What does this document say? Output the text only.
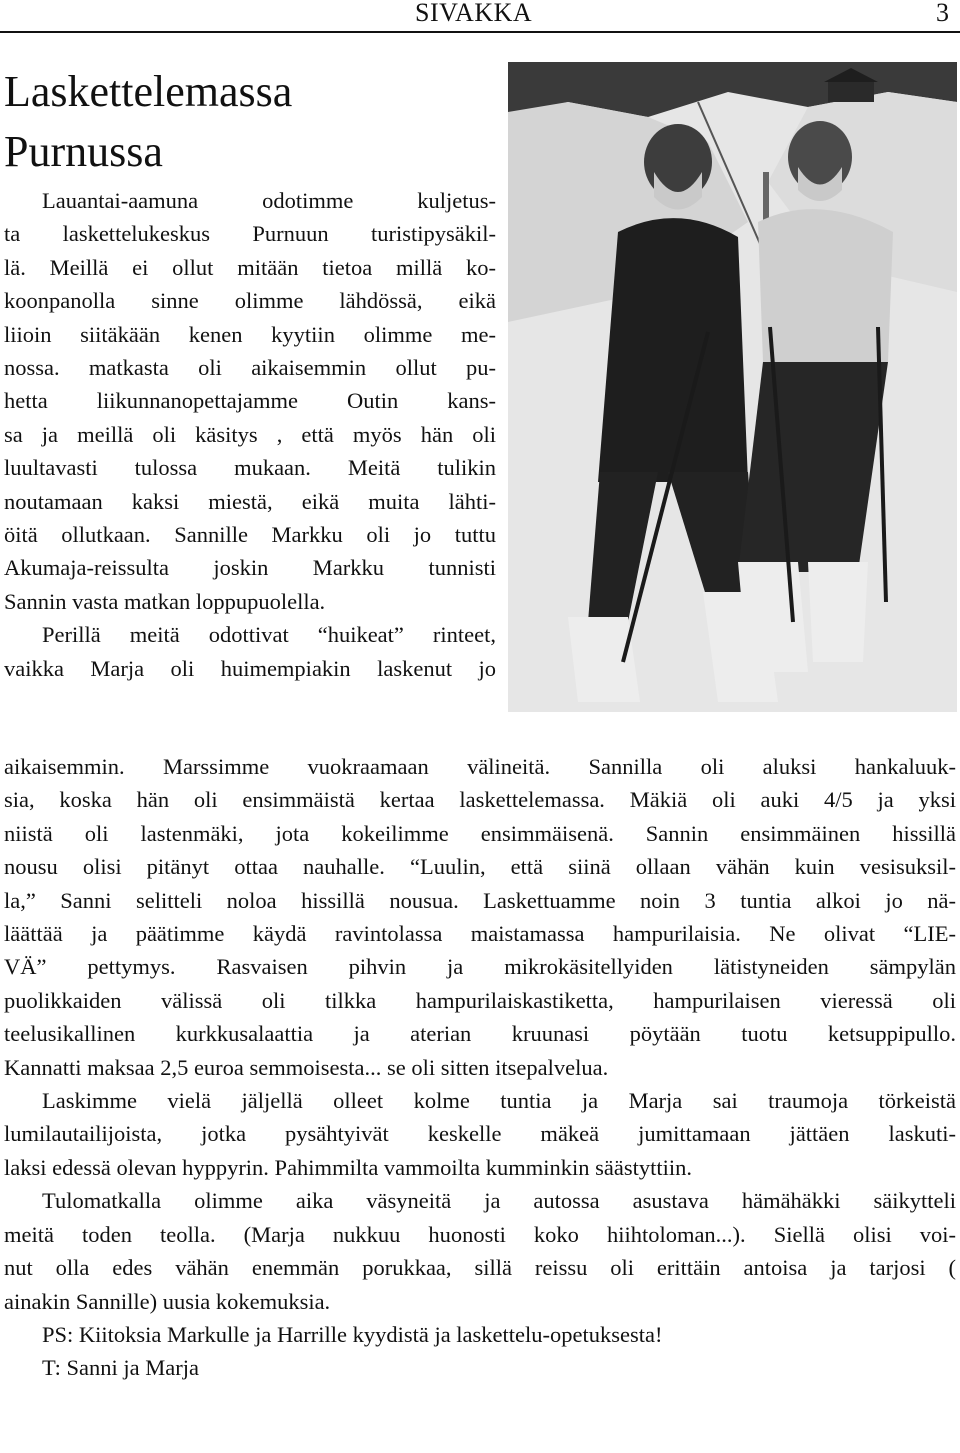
SIVAKKA	3
Laskettelemassa
Purnussa
Lauantai-aamuna odotimme kuljetus-
ta laskettelukeskus Purnuun turistipysäkil-
lä. Meillä ei ollut mitään tietoa millä ko-
koonpanolla sinne olimme lähdössä, eikä
liioin siitäkään kenen kyytiin olimme me-
nossa. matkasta oli aikaisemmin ollut pu-
hetta liikunnanopettajamme Outin kans-
sa ja meillä oli käsitys , että myös hän oli
luultavasti tulossa mukaan. Meitä tulikin
noutamaan kaksi miestä, eikä muita lähti-
öitä ollutkaan. Sannille Markku oli jo tuttu
Akumaja-reissulta joskin Markku tunnisti
Sannin vasta matkan loppupuolella.
Perillä meitä odottivat “huikeat” rinteet,
vaikka Marja oli huimempiakin laskenut jo
aikaisemmin. Marssimme vuokraamaan välineitä. Sannilla oli aluksi hankaluuk-
sia, koska hän oli ensimmäistä kertaa laskettelemassa. Mäkiä oli auki 4/5 ja yksi
niistä oli lastenmäki, jota kokeilimme ensimmäisenä. Sannin ensimmäinen hissillä
nousu olisi pitänyt ottaa nauhalle. “Luulin, että siinä ollaan vähän kuin vesisuksil-
la,” Sanni selitteli noloa hissillä nousua. Laskettuamme noin 3 tuntia alkoi jo nä-
läättää ja päätimme käydä ravintolassa maistamassa hampurilaisia. Ne olivat “LIE-
VÄ” pettymys. Rasvaisen pihvin ja mikrokäsitellyiden lätistyneiden sämpylän
puolikkaiden välissä oli tilkka hampurilaiskastiketta, hampurilaisen vieressä oli
teelusikallinen kurkkusalaattia ja aterian kruunasi pöytään tuotu ketsuppipullo.
Kannatti maksaa 2,5 euroa semmoisesta... se oli sitten itsepalvelua.
Laskimme vielä jäljellä olleet kolme tuntia ja Marja sai traumoja törkeistä
lumilautailijoista, jotka pysähtyivät keskelle mäkeä jumittamaan jättäen laskuti-
laksi edessä olevan hyppyrin. Pahimmilta vammoilta kumminkin säästyttiin.
Tulomatkalla olimme aika väsyneitä ja autossa asustava hämähäkki säikytteli
meitä toden teolla. (Marja nukkuu huonosti koko hiihtoloman...). Siellä olisi voi-
nut olla edes vähän enemmän porukkaa, sillä reissu oli erittäin antoisa ja tarjosi (
ainakin Sannille) uusia kokemuksia.
PS: Kiitoksia Markulle ja Harrille kyydistä ja laskettelu-opetuksesta!
T: Sanni ja Marja
